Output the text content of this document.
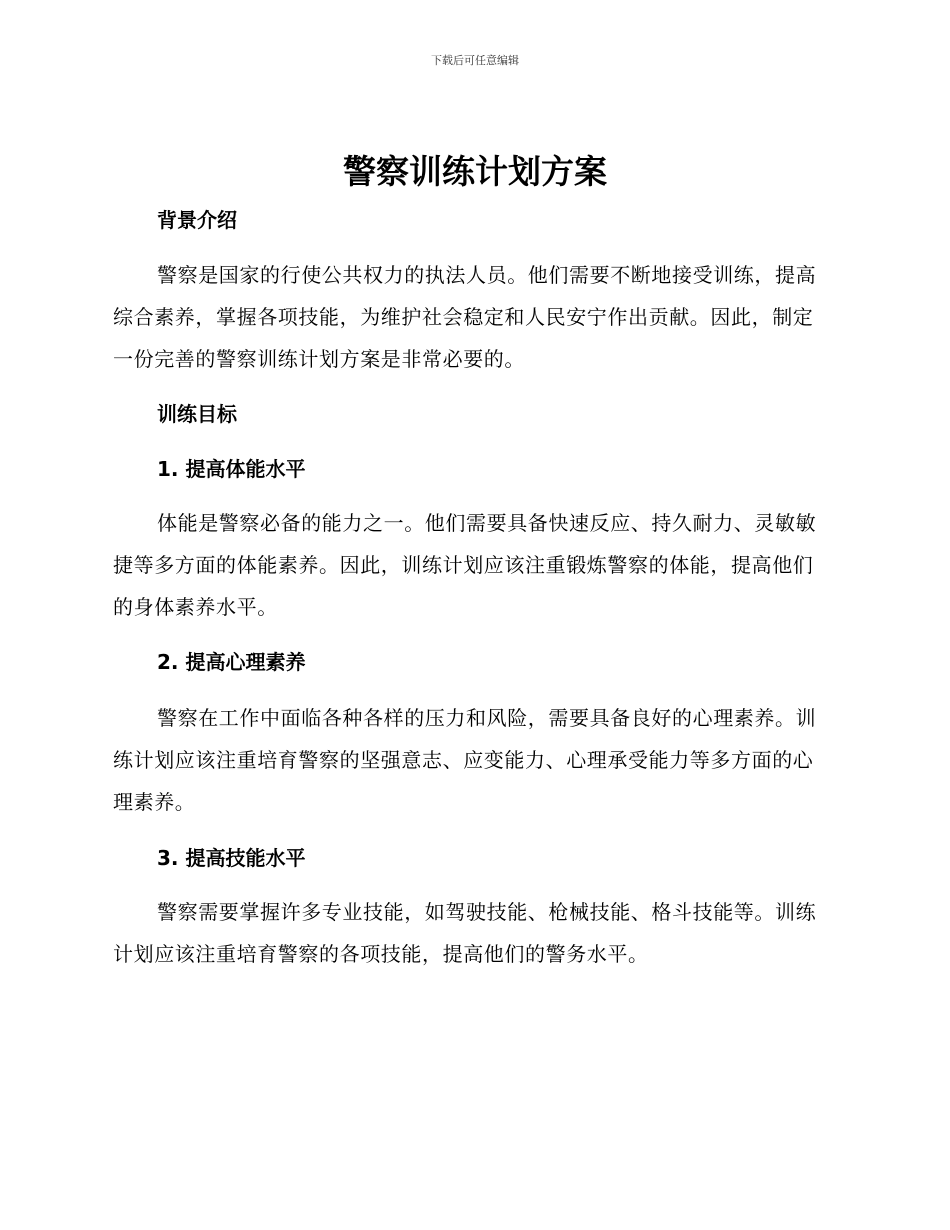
下载后可任意编辑
警察训练计划方案
背景介绍

警察是国家的行使公共权力的执法人员。他们需要不断地接受训练，提高综合素养，掌握各项技能，为维护社会稳定和人民安宁作出贡献。因此，制定一份完善的警察训练计划方案是非常必要的。

训练目标
1. 提高体能水平

体能是警察必备的能力之一。他们需要具备快速反应、持久耐力、灵敏敏捷等多方面的体能素养。因此，训练计划应该注重锻炼警察的体能，提高他们的身体素养水平。

2. 提高心理素养

警察在工作中面临各种各样的压力和风险，需要具备良好的心理素养。训练计划应该注重培育警察的坚强意志、应变能力、心理承受能力等多方面的心理素养。

3. 提高技能水平

警察需要掌握许多专业技能，如驾驶技能、枪械技能、格斗技能等。训练计划应该注重培育警察的各项技能，提高他们的警务水平。
